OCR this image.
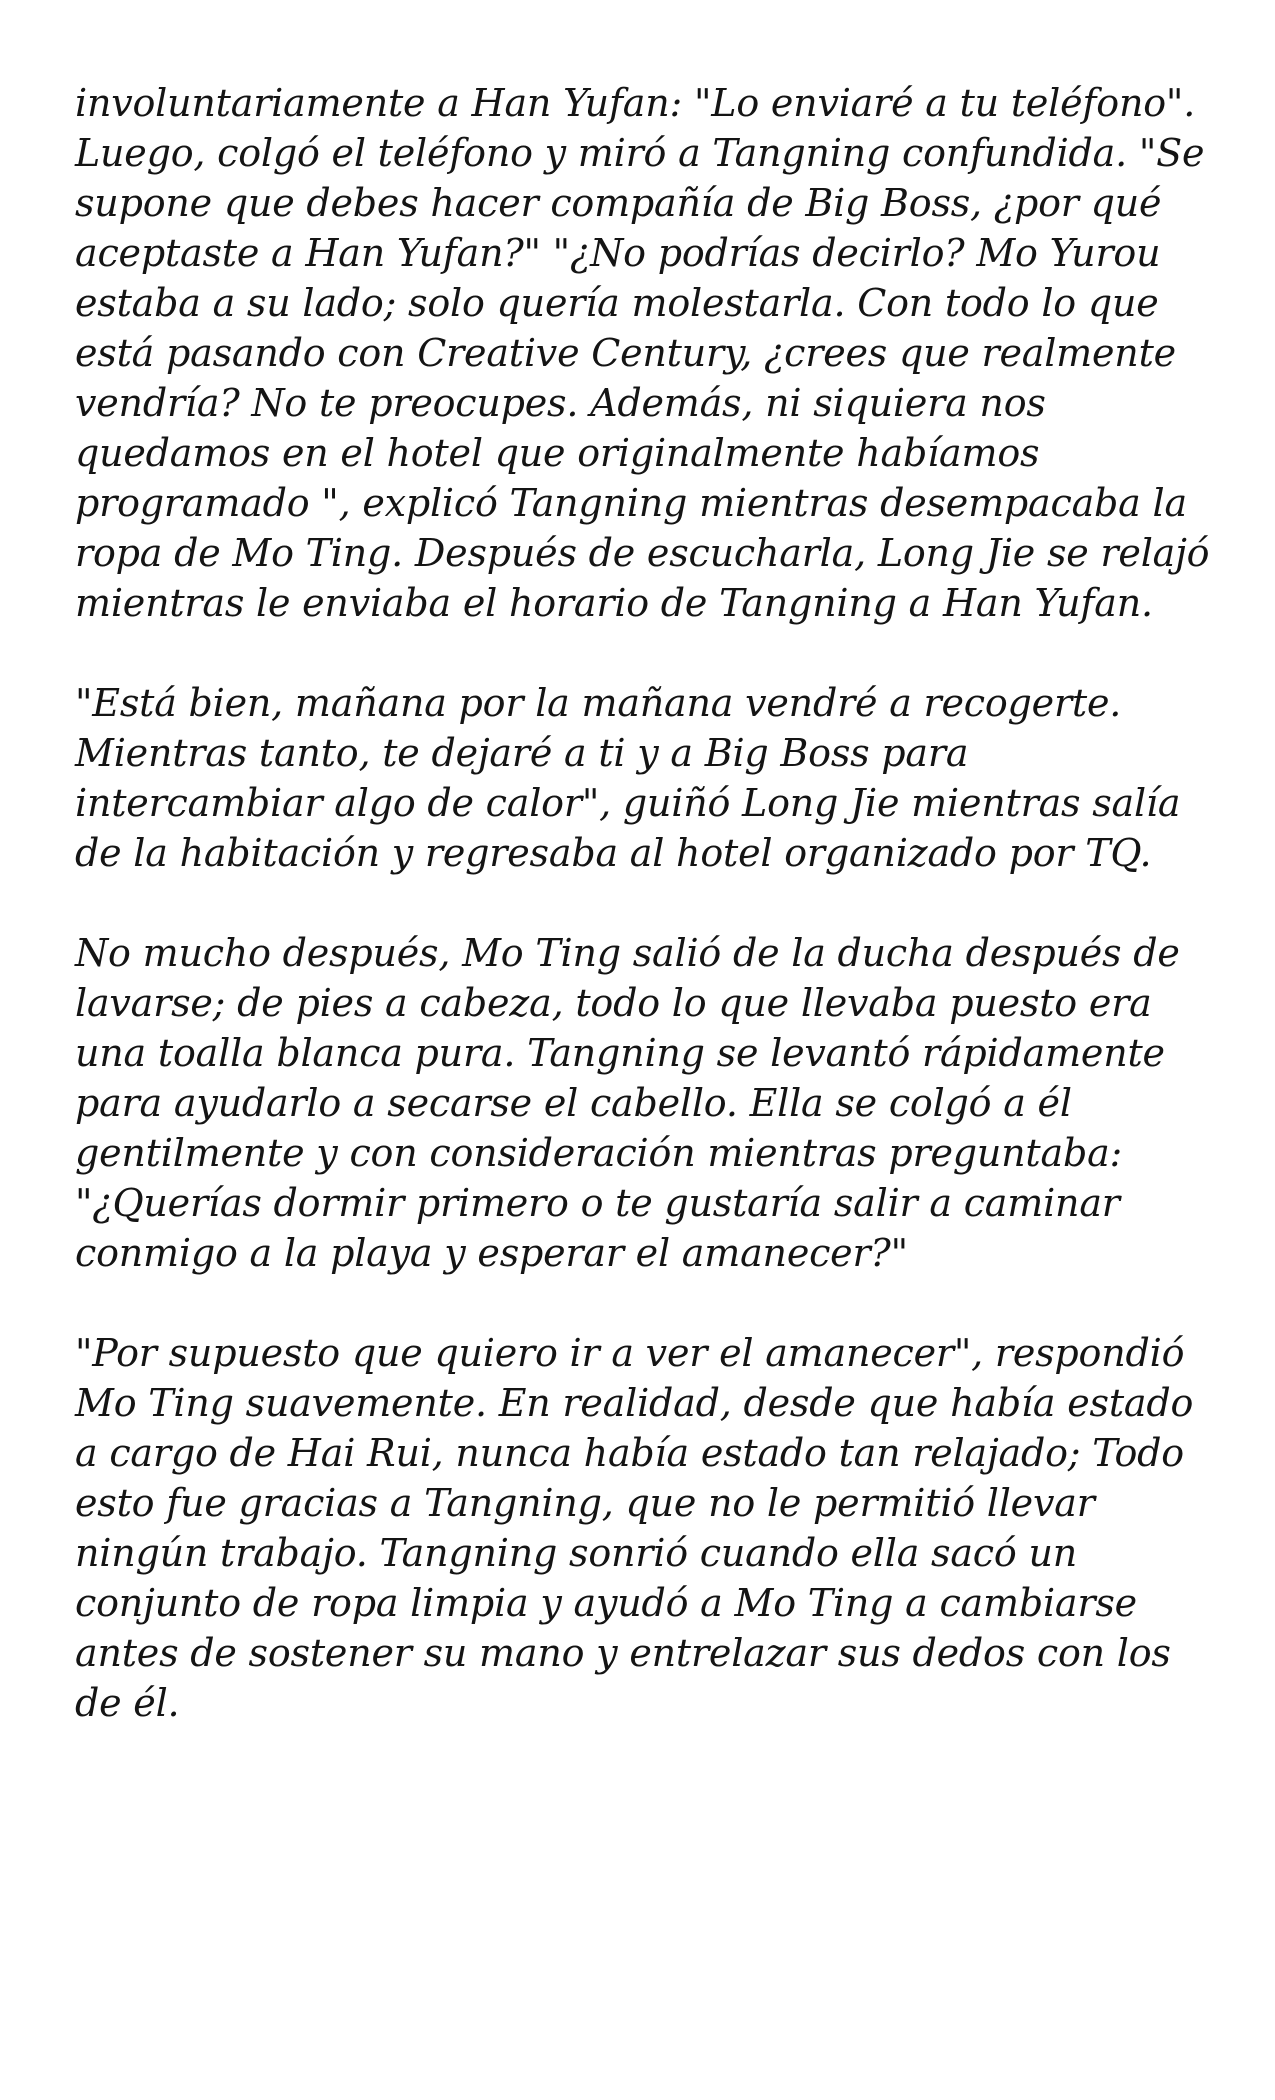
involuntariamente a Han Yufan: "Lo enviaré a tu teléfono". Luego, colgó el teléfono y miró a Tangning confundida. "Se supone que debes hacer compañía de Big Boss, ¿por qué aceptaste a Han Yufan?" "¿No podrías decirlo? Mo Yurou estaba a su lado; solo quería molestarla. Con todo lo que está pasando con Creative Century, ¿crees que realmente vendría? No te preocupes. Además, ni siquiera nos quedamos en el hotel que originalmente habíamos programado ", explicó Tangning mientras desempacaba la ropa de Mo Ting. Después de escucharla, Long Jie se relajó mientras le enviaba el horario de Tangning a Han Yufan.

"Está bien, mañana por la mañana vendré a recogerte. Mientras tanto, te dejaré a ti y a Big Boss para intercambiar algo de calor", guiñó Long Jie mientras salía de la habitación y regresaba al hotel organizado por TQ.

No mucho después, Mo Ting salió de la ducha después de lavarse; de pies a cabeza, todo lo que llevaba puesto era una toalla blanca pura. Tangning se levantó rápidamente para ayudarlo a secarse el cabello. Ella se colgó a él gentilmente y con consideración mientras preguntaba: "¿Querías dormir primero o te gustaría salir a caminar conmigo a la playa y esperar el amanecer?"

"Por supuesto que quiero ir a ver el amanecer", respondió Mo Ting suavemente. En realidad, desde que había estado a cargo de Hai Rui, nunca había estado tan relajado; Todo esto fue gracias a Tangning, que no le permitió llevar ningún trabajo. Tangning sonrió cuando ella sacó un conjunto de ropa limpia y ayudó a Mo Ting a cambiarse antes de sostener su mano y entrelazar sus dedos con los de él.
